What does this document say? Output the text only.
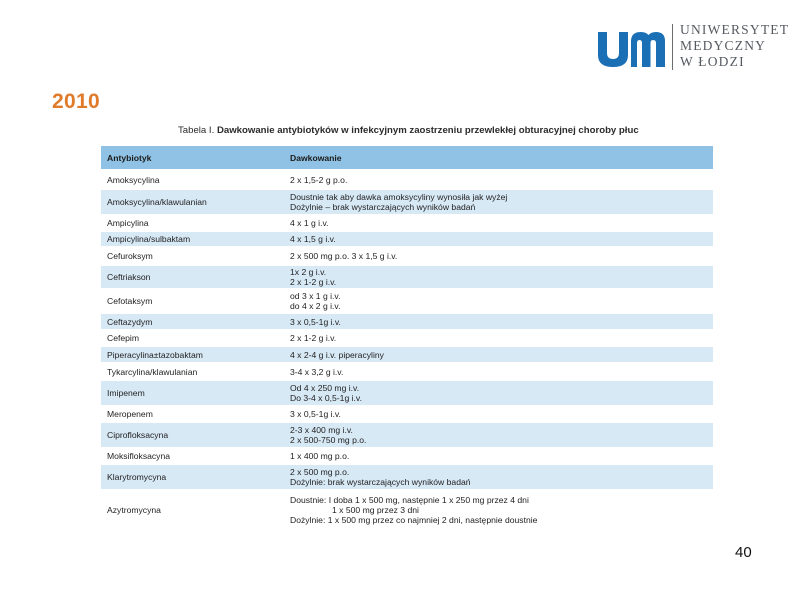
UNIWERSYTET
MEDYCZNY
W ŁODZI
2010
Tabela I. Dawkowanie antybiotyków w infekcyjnym zaostrzeniu przewlekłej obturacyjnej choroby płuc
Antybiotyk	Dawkowanie
Amoksycylina	2 x 1,5-2 g p.o.

Amoksycylina/klawulanian	Doustnie tak aby dawka amoksycyliny wynosiła jak wyżej
Dożylnie – brak wystarczających wyników badań

Ampicylina	4 x 1 g i.v.

Ampicylina/sulbaktam	4 x 1,5 g i.v.

Cefuroksym	2 x 500 mg p.o. 3 x 1,5 g i.v.

Ceftriakson	1x 2 g i.v.
2 x 1-2 g i.v.

Cefotaksym	od 3 x 1 g i.v.
do 4 x 2 g i.v.

Ceftazydym	3 x 0,5-1g i.v.

Cefepim	2 x 1-2 g i.v.

Piperacylina±tazobaktam	4 x 2-4 g i.v. piperacyliny

Tykarcylina/klawulanian	3-4 x 3,2 g i.v.

Imipenem	Od 4 x 250 mg i.v.
Do 3-4 x 0,5-1g i.v.

Meropenem	3 x 0,5-1g i.v.

Ciprofloksacyna	2-3 x 400 mg i.v.
2 x 500-750 mg p.o.

Moksifloksacyna	1 x 400 mg p.o.

Klarytromycyna	2 x 500 mg p.o.
Dożylnie: brak wystarczających wyników badań

Azytromycyna	Doustnie: I doba 1 x 500 mg, następnie 1 x 250 mg przez 4 dni
1 x 500 mg przez 3 dni
Dożylnie: 1 x 500 mg przez co najmniej 2 dni, następnie doustnie
40
